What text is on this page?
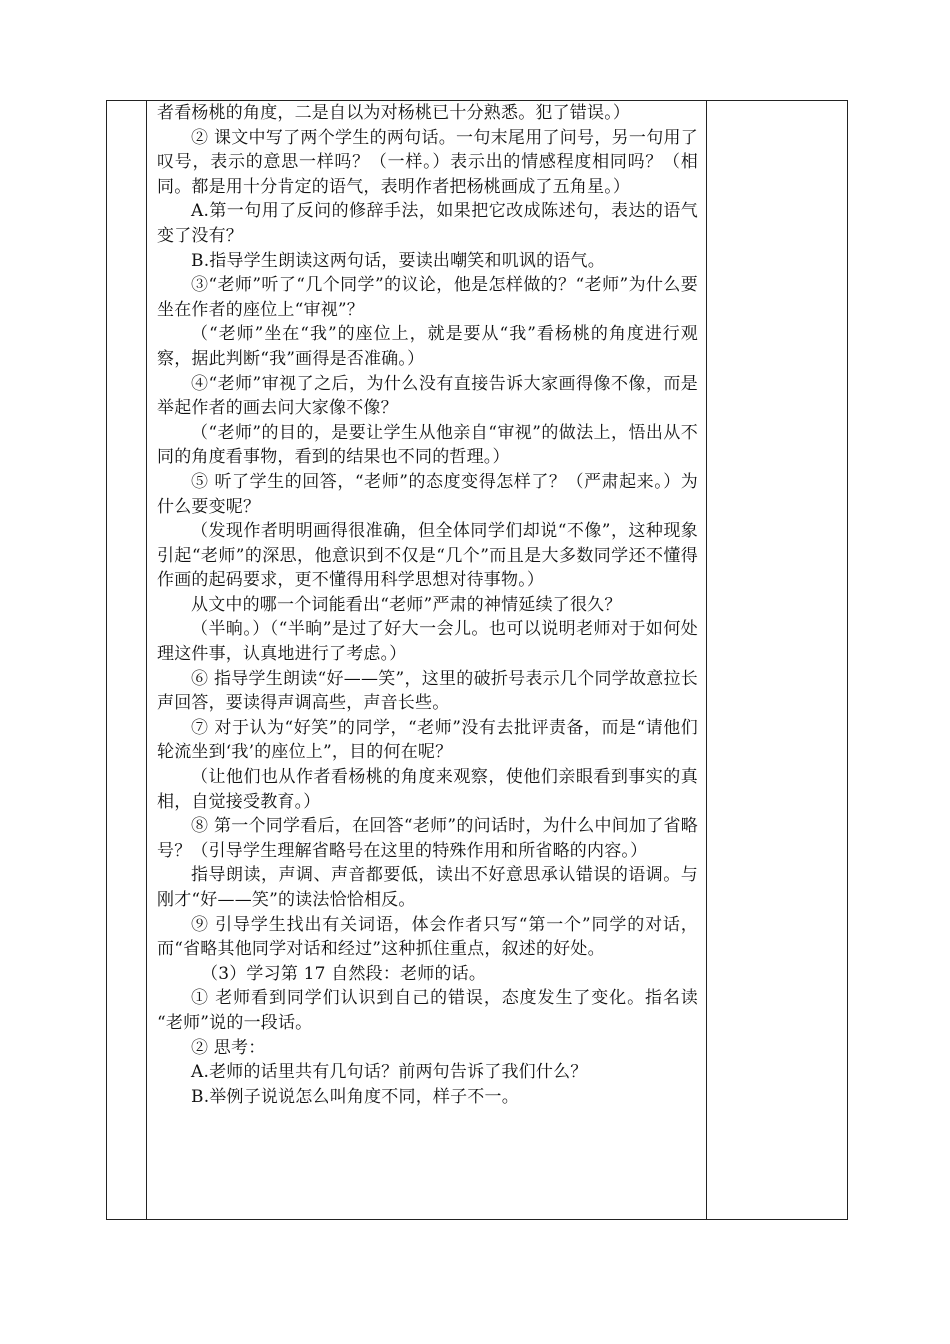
者看杨桃的角度，二是自以为对杨桃已十分熟悉。犯了错误。）

② 课文中写了两个学生的两句话。一句末尾用了问号，另一句用了叹号，表示的意思一样吗？（一样。）表示出的情感程度相同吗？（相同。都是用十分肯定的语气，表明作者把杨桃画成了五角星。）

A.第一句用了反问的修辞手法，如果把它改成陈述句，表达的语气变了没有？

B.指导学生朗读这两句话，要读出嘲笑和叽讽的语气。

③“老师”听了“几个同学”的议论，他是怎样做的？“老师”为什么要坐在作者的座位上“审视”？

（“老师”坐在“我”的座位上，就是要从“我”看杨桃的角度进行观察，据此判断“我”画得是否准确。）

④“老师”审视了之后，为什么没有直接告诉大家画得像不像，而是举起作者的画去问大家像不像？

（“老师”的目的，是要让学生从他亲自“审视”的做法上，悟出从不同的角度看事物，看到的结果也不同的哲理。）

⑤ 听了学生的回答，“老师”的态度变得怎样了？（严肃起来。）为什么要变呢？

（发现作者明明画得很准确，但全体同学们却说“不像”，这种现象引起“老师”的深思，他意识到不仅是“几个”而且是大多数同学还不懂得作画的起码要求，更不懂得用科学思想对待事物。）

从文中的哪一个词能看出“老师”严肃的神情延续了很久？

（半晌。）（“半晌”是过了好大一会儿。也可以说明老师对于如何处理这件事，认真地进行了考虑。）

⑥ 指导学生朗读“好——笑”，这里的破折号表示几个同学故意拉长声回答，要读得声调高些，声音长些。

⑦ 对于认为“好笑”的同学，“老师”没有去批评责备，而是“请他们轮流坐到‘我’的座位上”，目的何在呢？

（让他们也从作者看杨桃的角度来观察，使他们亲眼看到事实的真相，自觉接受教育。）

⑧ 第一个同学看后，在回答“老师”的问话时，为什么中间加了省略号？（引导学生理解省略号在这里的特殊作用和所省略的内容。）

指导朗读，声调、声音都要低，读出不好意思承认错误的语调。与刚才“好——笑”的读法恰恰相反。

⑨ 引导学生找出有关词语，体会作者只写“第一个”同学的对话，而“省略其他同学对话和经过”这种抓住重点，叙述的好处。

（3）学习第 17 自然段：老师的话。

① 老师看到同学们认识到自己的错误，态度发生了变化。指名读 “老师”说的一段话。

② 思考：

A.老师的话里共有几句话？前两句告诉了我们什么？

B.举例子说说怎么叫角度不同，样子不一。
